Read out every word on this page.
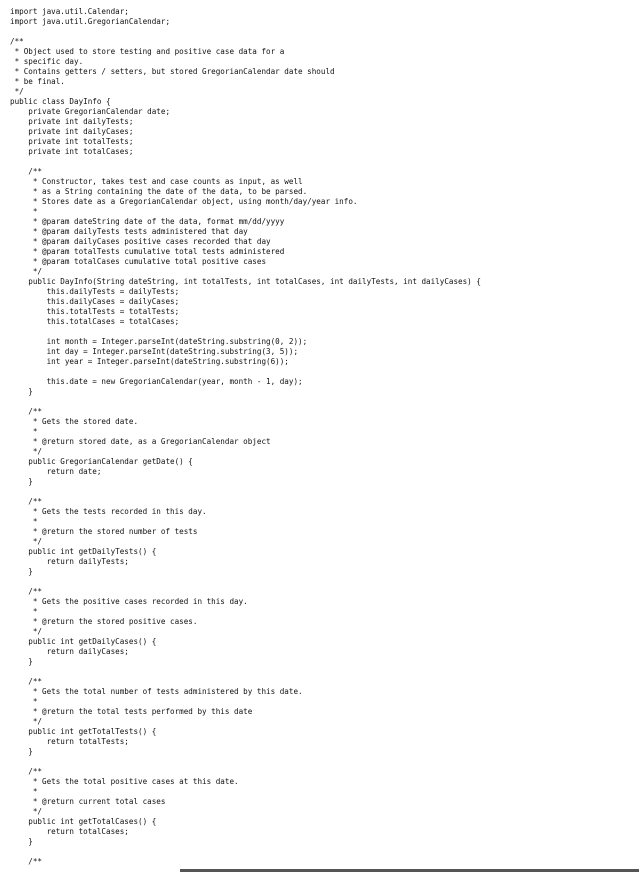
import java.util.Calendar;
import java.util.GregorianCalendar;
/**
* Object used to store testing and positive case data for a
* specific day.
* Contains getters / setters, but stored GregorianCalendar date should
* be final.
*/
public class DayInfo {
private GregorianCalendar date;
private int dailyTests;
private int dailyCases;
private int totalTests;
private int totalCases;
/**
* Constructor, takes test and case counts as input, as well
* as a String containing the date of the data, to be parsed.
* Stores date as a GregorianCalendar object, using month/day/year info.
*
* @param dateString date of the data, format mm/dd/yyyy
* @param dailyTests tests administered that day
* @param dailyCases positive cases recorded that day
* @param totalTests cumulative total tests administered
* @param totalCases cumulative total positive cases
*/
public DayInfo(String dateString, int totalTests, int totalCases, int dailyTests, int dailyCases) {
this.dailyTests = dailyTests;
this.dailyCases = dailyCases;
this.totalTests = totalTests;
this.totalCases = totalCases;
int month = Integer.parseInt(dateString.substring(0, 2));
int day = Integer.parseInt(dateString.substring(3, 5));
int year = Integer.parseInt(dateString.substring(6));
this.date = new GregorianCalendar(year, month - 1, day);
}
/**
* Gets the stored date.
*
* @return stored date, as a GregorianCalendar object
*/
public GregorianCalendar getDate() {
return date;
}
/**
* Gets the tests recorded in this day.
*
* @return the stored number of tests
*/
public int getDailyTests() {
return dailyTests;
}
/**
* Gets the positive cases recorded in this day.
*
* @return the stored positive cases.
*/
public int getDailyCases() {
return dailyCases;
}
/**
* Gets the total number of tests administered by this date.
*
* @return the total tests performed by this date
*/
public int getTotalTests() {
return totalTests;
}
/**
* Gets the total positive cases at this date.
*
* @return current total cases
*/
public int getTotalCases() {
return totalCases;
}
/**
